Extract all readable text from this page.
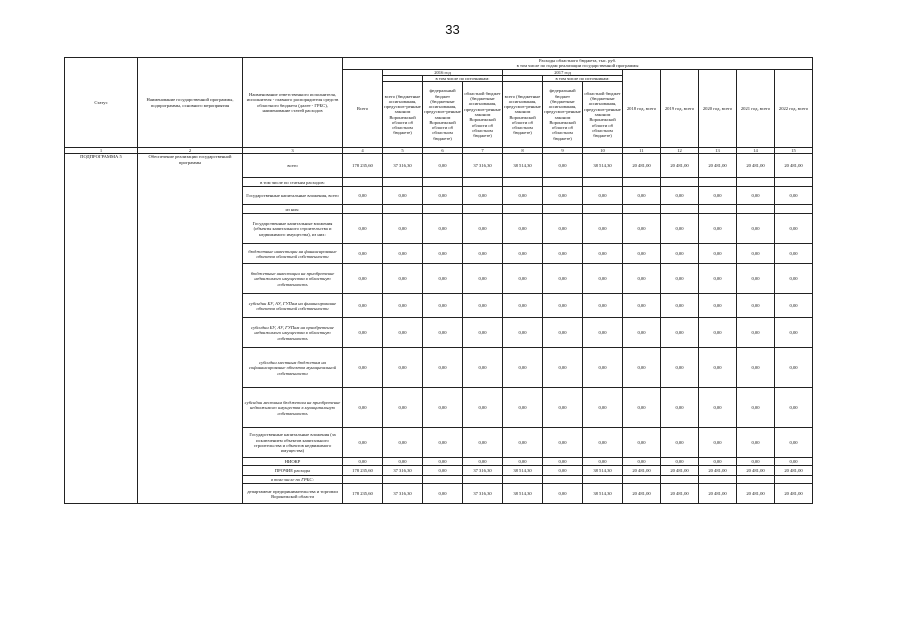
33
Статус	Наименование государственной программы, подпрограммы, основного мероприятия	Наименование ответственного исполнителя, исполнителя - главного распорядителя средств областного бюджета (далее - ГРБС), наименование статей расходов	Расходы областного бюджета, тыс. руб.
в том числе по годам реализации государственной программы											

			Всего	2016 год			2017 год			2018 год, всего	2019 год, всего	2020 год, всего	2021 год, всего	2022 год, всего
					в том числе по источникам:			в том числе по источникам:						
				всего (бюджетные ассигнования, предусмот-ренные законом Воронежской области об областном бюджете)	федеральный бюджет (бюджетные ассигнования, предусмот-ренные законом Воронежской области об областном бюджете)	областной бюджет (бюджетные ассигнования, предусмот-ренные законом Воронежской области об областном бюджете)	всего (бюджетные ассигнования, предусмот-ренные законом Воронежской области об областном бюджете)	федеральный бюджет (бюджетные ассигнования, предусмот-ренные законом Воронежской области об областном бюджете)	областной бюджет (бюджетные ассигнования, предусмот-ренные законом Воронежской области об областном бюджете)					
1	2	3	4	5	6	7	8	9	10	11	12	13	14	15
ПОДПРОГРАММА 5	Обеспечение реализации государственной программы	всего	178 235,60	37 316,30	0,00	37 316,30	38 514,30	0,00	38 514,30	20 481,00	20 481,00	20 481,00	20 481,00	20 481,00
		в том числе по статьям расходов:												
		Государственные капитальные вложения, всего	0,00	0,00	0,00	0,00	0,00	0,00	0,00	0,00	0,00	0,00	0,00	0,00
		из них:												
		Государственные капитальные вложения (объекты капитального строительства и недвижимого имущества), из них:	0,00	0,00	0,00	0,00	0,00	0,00	0,00	0,00	0,00	0,00	0,00	0,00
		бюджетные инвестиции на финансирование объектов областной собственности	0,00	0,00	0,00	0,00	0,00	0,00	0,00	0,00	0,00	0,00	0,00	0,00
		бюджетные инвестиции на приобретение недвижимого имущества в областную собственность	0,00	0,00	0,00	0,00	0,00	0,00	0,00	0,00	0,00	0,00	0,00	0,00
		субсидии БУ, АУ, ГУПам на финансирование объектов областной собственности	0,00	0,00	0,00	0,00	0,00	0,00	0,00	0,00	0,00	0,00	0,00	0,00
		субсидии БУ, АУ, ГУПам на приобретение недвижимого имущества в областную собственность	0,00	0,00	0,00	0,00	0,00	0,00	0,00	0,00	0,00	0,00	0,00	0,00
		субсидии местным бюджетам на софинансирование объектов муниципальной собственности	0,00	0,00	0,00	0,00	0,00	0,00	0,00	0,00	0,00	0,00	0,00	0,00
		субсидии местным бюджетам на приобретение недвижимого имущества в муниципальную собственность	0,00	0,00	0,00	0,00	0,00	0,00	0,00	0,00	0,00	0,00	0,00	0,00
		Государственные капитальные вложения (за исключением объектов капитального строительства и объектов недвижимого имущества)	0,00	0,00	0,00	0,00	0,00	0,00	0,00	0,00	0,00	0,00	0,00	0,00
		НИОКР	0,00	0,00	0,00	0,00	0,00	0,00	0,00	0,00	0,00	0,00	0,00	0,00
		ПРОЧИЕ расходы	178 235,60	37 316,30	0,00	37 316,30	38 514,30	0,00	38 514,30	20 481,00	20 481,00	20 481,00	20 481,00	20 481,00
		в том числе по ГРБС:												
		департамент предпринимательства и торговли Воронежской области	178 235,60	37 316,30	0,00	37 316,30	38 514,30	0,00	38 514,30	20 481,00	20 481,00	20 481,00	20 481,00	20 481,00
